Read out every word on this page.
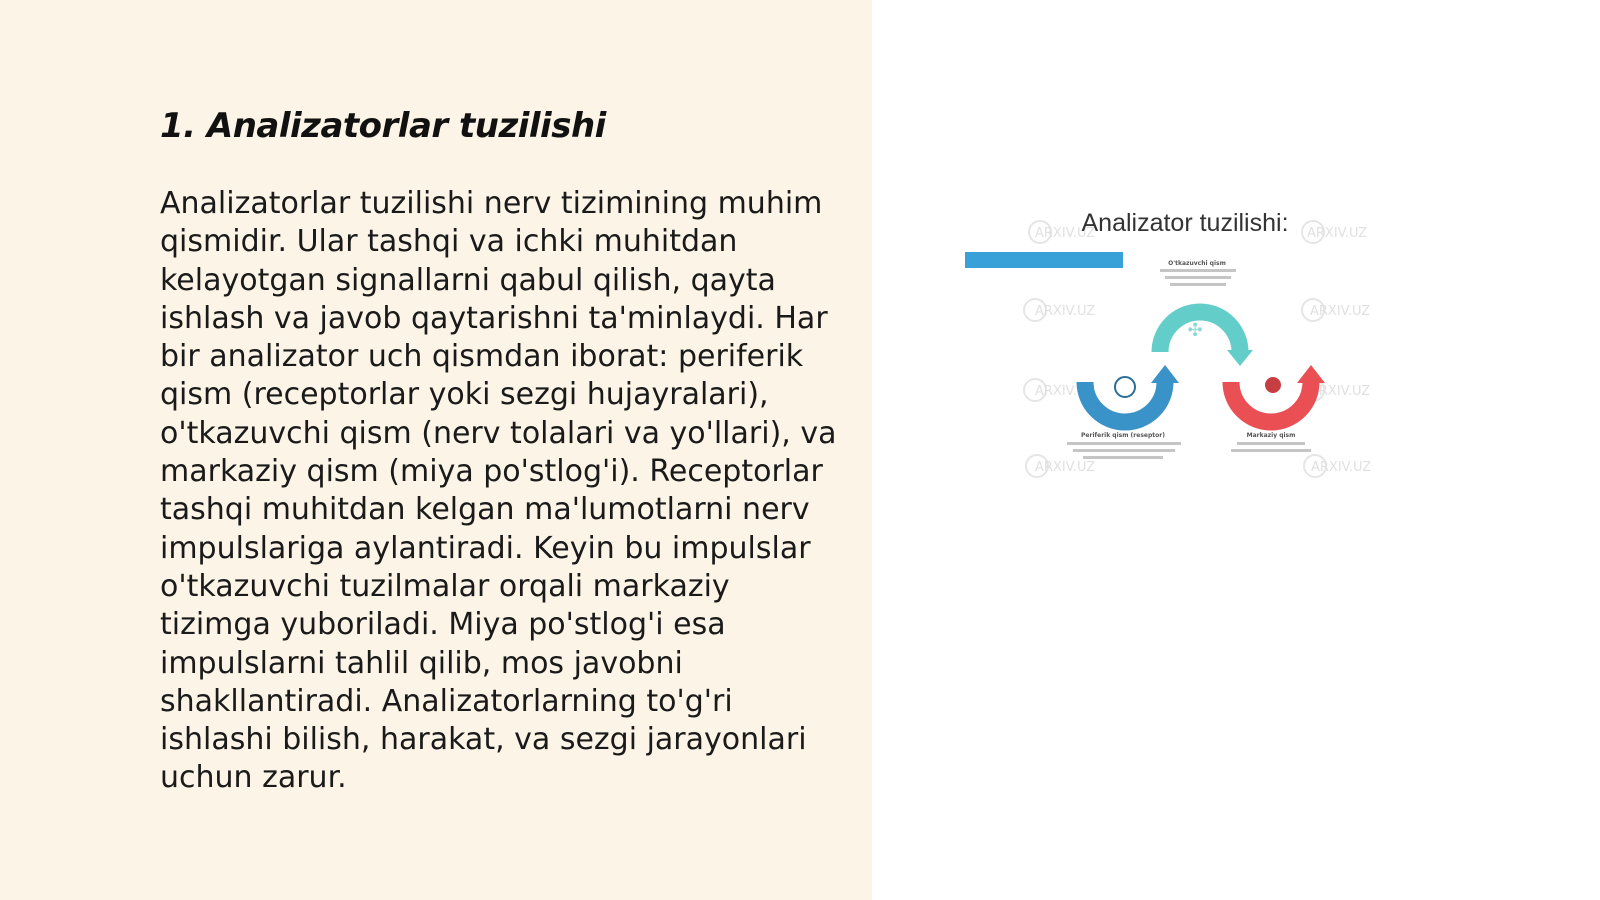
1. Analizatorlar tuzilishi

Analizatorlar tuzilishi nerv tizimining muhim qismidir. Ular tashqi va ichki muhitdan kelayotgan signallarni qabul qilish, qayta ishlash va javob qaytarishni ta'minlaydi. Har bir analizator uch qismdan iborat: periferik qism (receptorlar yoki sezgi hujayralari), o'tkazuvchi qism (nerv tolalari va yo'llari), va markaziy qism (miya po'stlog'i). Receptorlar tashqi muhitdan kelgan ma'lumotlarni nerv impulslariga aylantiradi. Keyin bu impulslar o'tkazuvchi tuzilmalar orqali markaziy tizimga yuboriladi. Miya po'stlog'i esa impulslarni tahlil qilib, mos javobni shakllantiradi. Analizatorlarning to'g'ri ishlashi bilish, harakat, va sezgi jarayonlari uchun zarur.

ARXIV.UZ	ARXIV.UZ
ARXIV.UZ	ARXIV.UZ
ARXIV.UZ	ARXIV.UZ
ARXIV.UZ	ARXIV.UZ
Analizator tuzilishi:
O'tkazuvchi qism
✣
Periferik qism (reseptor)	Markaziy qism
